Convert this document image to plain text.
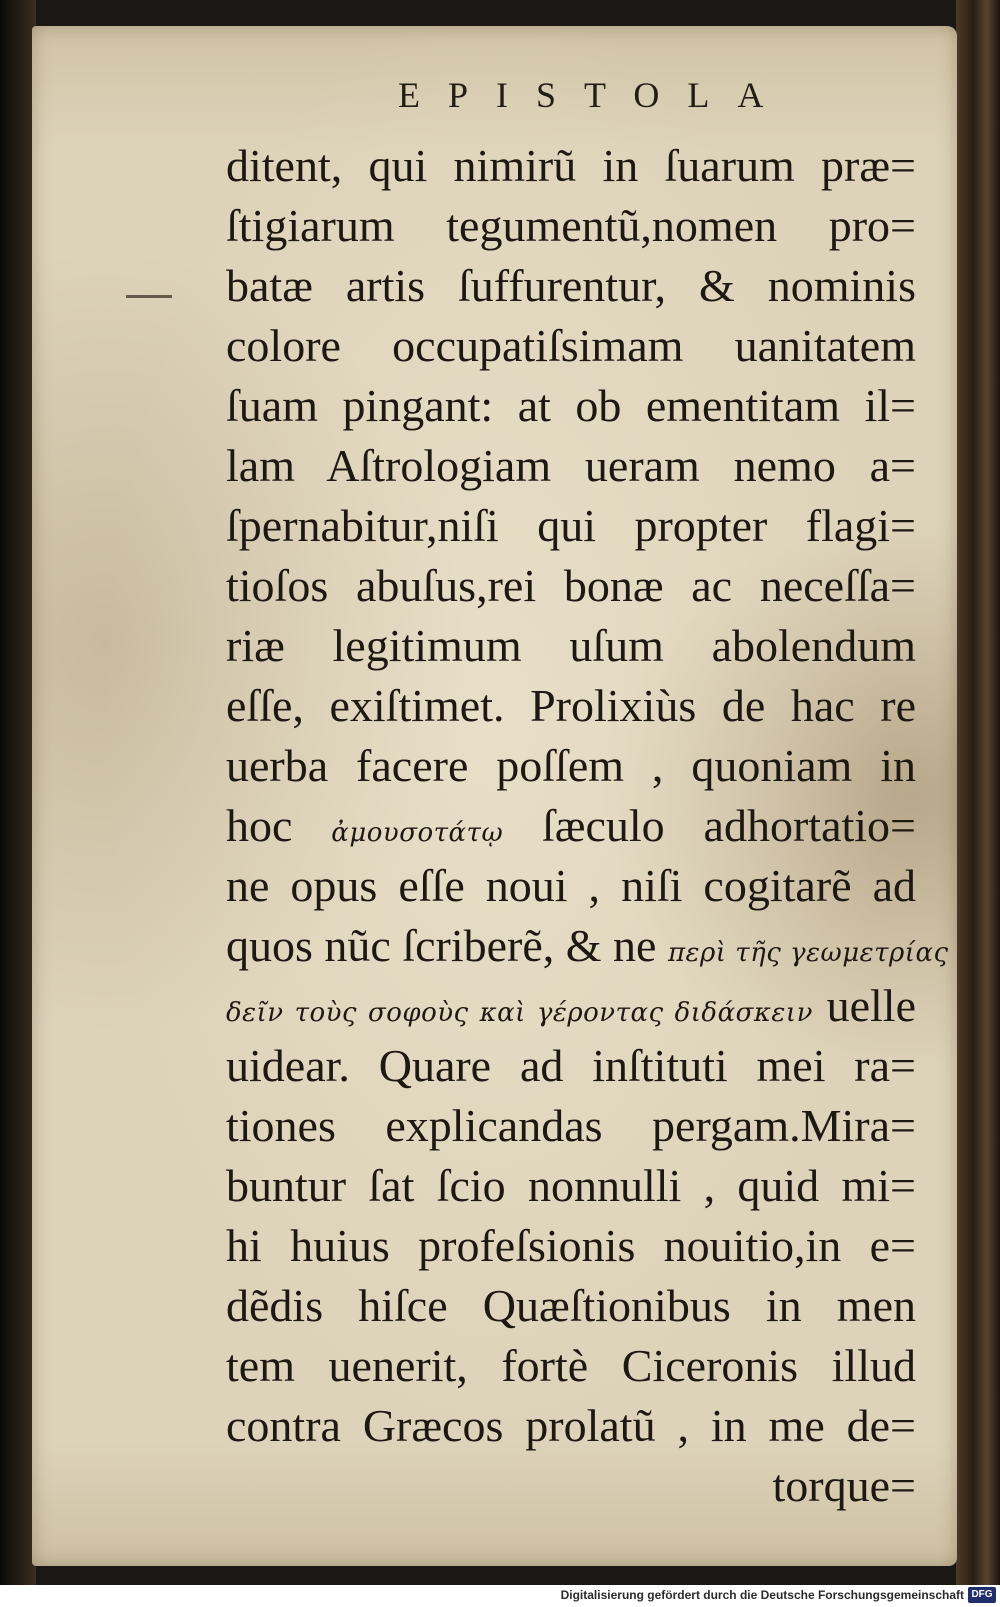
EPISTOLA
ditent, qui nimirũ in ſuarum præ=
ſtigiarum tegumentũ,nomen pro=
batæ artis ſuffurentur, & nominis
colore occupatiſsimam uanitatem
ſuam pingant: at ob ementitam il=
lam Aſtrologiam ueram nemo a=
ſpernabitur,niſi qui propter flagi=
tioſos abuſus,rei bonæ ac neceſſa=
riæ legitimum uſum abolendum
eſſe, exiſtimet. Prolixiùs de hac re
uerba facere poſſem , quoniam in
hoc ἀμουσοτάτῳ ſæculo adhortatio=
ne opus eſſe noui , niſi cogitarẽ ad
quos nũc ſcriberẽ, & ne περὶ τῆς γεωμετρίας
δεῖν τοὺς σοφοὺς καὶ γέροντας διδάσκειν uelle
uidear. Quare ad inſtituti mei ra=
tiones explicandas pergam.Mira=
buntur ſat ſcio nonnulli , quid mi=
hi huius profeſsionis nouitio,in e=
dẽdis hiſce Quæſtionibus in men
tem uenerit, fortè Ciceronis illud
contra Græcos prolatũ , in me de=
torque=
Digitalisierung gefördert durch die Deutsche Forschungsgemeinschaft DFG
